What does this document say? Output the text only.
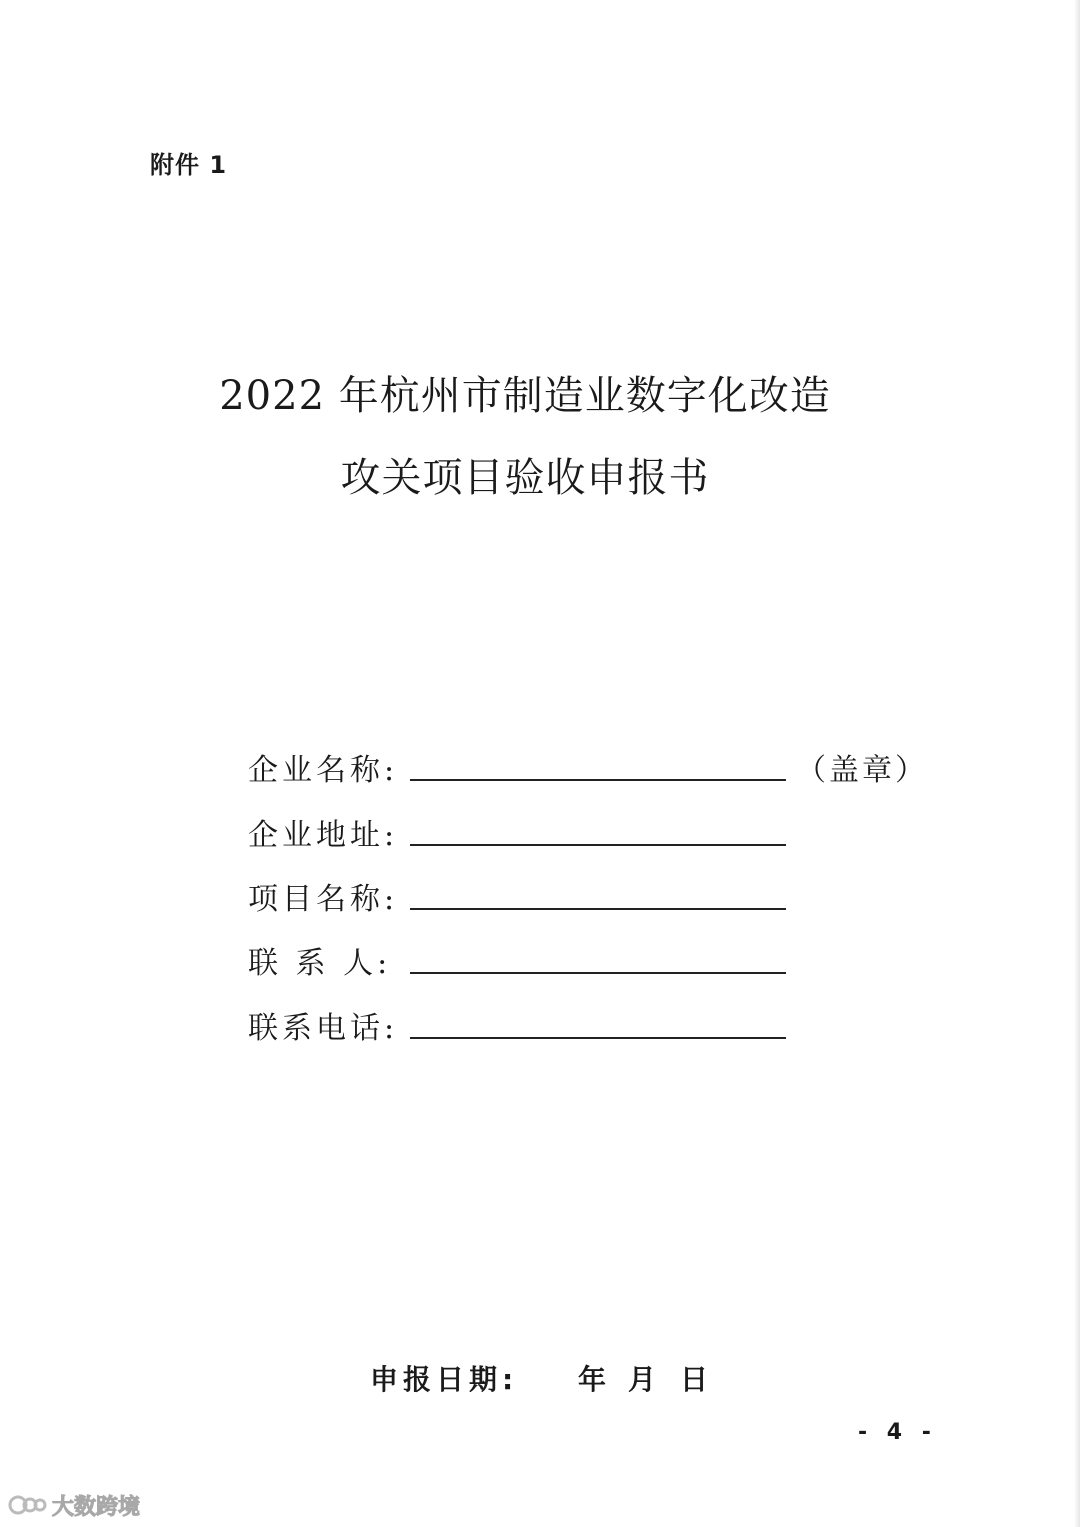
附件 1
2022 年杭州市制造业数字化改造
攻关项目验收申报书
企业名称:	（盖章）
企业地址:
项目名称:
联 系 人:
联系电话:
申报日期: 年 月 日
- 4 -
大数跨境
